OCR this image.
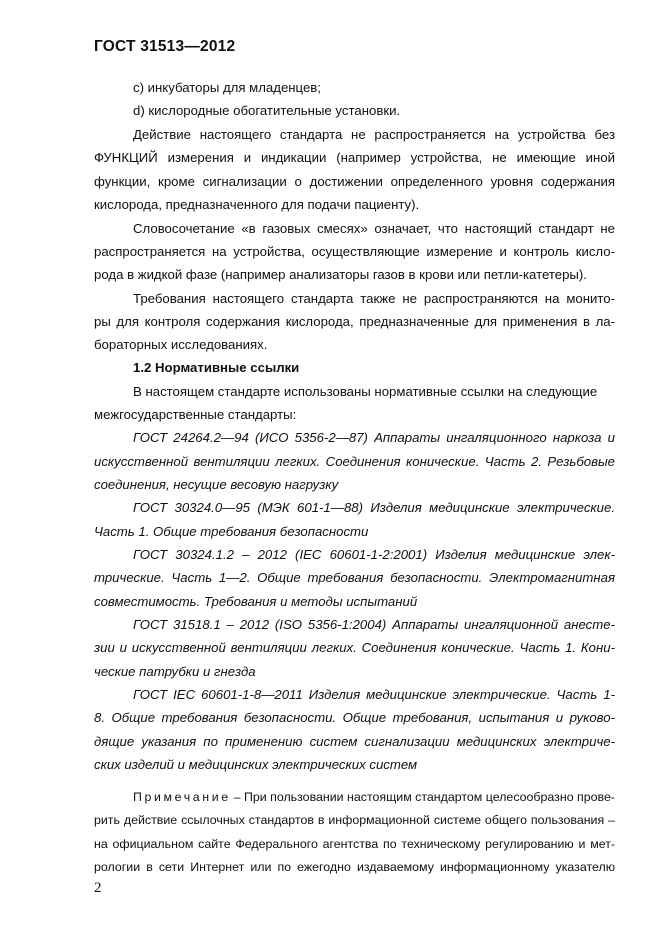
ГОСТ 31513—2012
с) инкубаторы для младенцев;
d) кислородные обогатительные установки.
Действие настоящего стандарта не распространяется на устройства без
ФУНКЦИЙ измерения и индикации (например устройства, не имеющие иной
функции, кроме сигнализации о достижении определенного уровня содержания
кислорода, предназначенного для подачи пациенту).
Словосочетание «в газовых смесях» означает, что настоящий стандарт не
распространяется на устройства, осуществляющие измерение и контроль кисло-
рода в жидкой фазе (например анализаторы газов в крови или петли-катетеры).
Требования настоящего стандарта также не распространяются на монито-
ры для контроля содержания кислорода, предназначенные для применения в ла-
бораторных исследованиях.
1.2 Нормативные ссылки
В настоящем стандарте использованы нормативные ссылки на следующие
межгосударственные стандарты:
ГОСТ 24264.2—94 (ИСО 5356-2—87) Аппараты ингаляционного наркоза и
искусственной вентиляции легких. Соединения конические. Часть 2. Резьбовые
соединения, несущие весовую нагрузку
ГОСТ 30324.0—95 (МЭК 601-1—88) Изделия медицинские электрические.
Часть 1. Общие требования безопасности
ГОСТ 30324.1.2 – 2012 (IEC 60601-1-2:2001) Изделия медицинские элек-
трические. Часть 1—2. Общие требования безопасности. Электромагнитная
совместимость. Требования и методы испытаний
ГОСТ 31518.1 – 2012 (ISO 5356-1:2004) Аппараты ингаляционной анесте-
зии и искусственной вентиляции легких. Соединения конические. Часть 1. Кони-
ческие патрубки и гнезда
ГОСТ IEC 60601-1-8—2011 Изделия медицинские электрические. Часть 1-
8. Общие требования безопасности. Общие требования, испытания и руково-
дящие указания по применению систем сигнализации медицинских электриче-
ских изделий и медицинских электрических систем
Примечание – При пользовании настоящим стандартом целесообразно прове-
рить действие ссылочных стандартов в информационной системе общего пользования –
на официальном сайте Федерального агентства по техническому регулированию и мет-
рологии в сети Интернет или по ежегодно издаваемому информационному указателю
2
